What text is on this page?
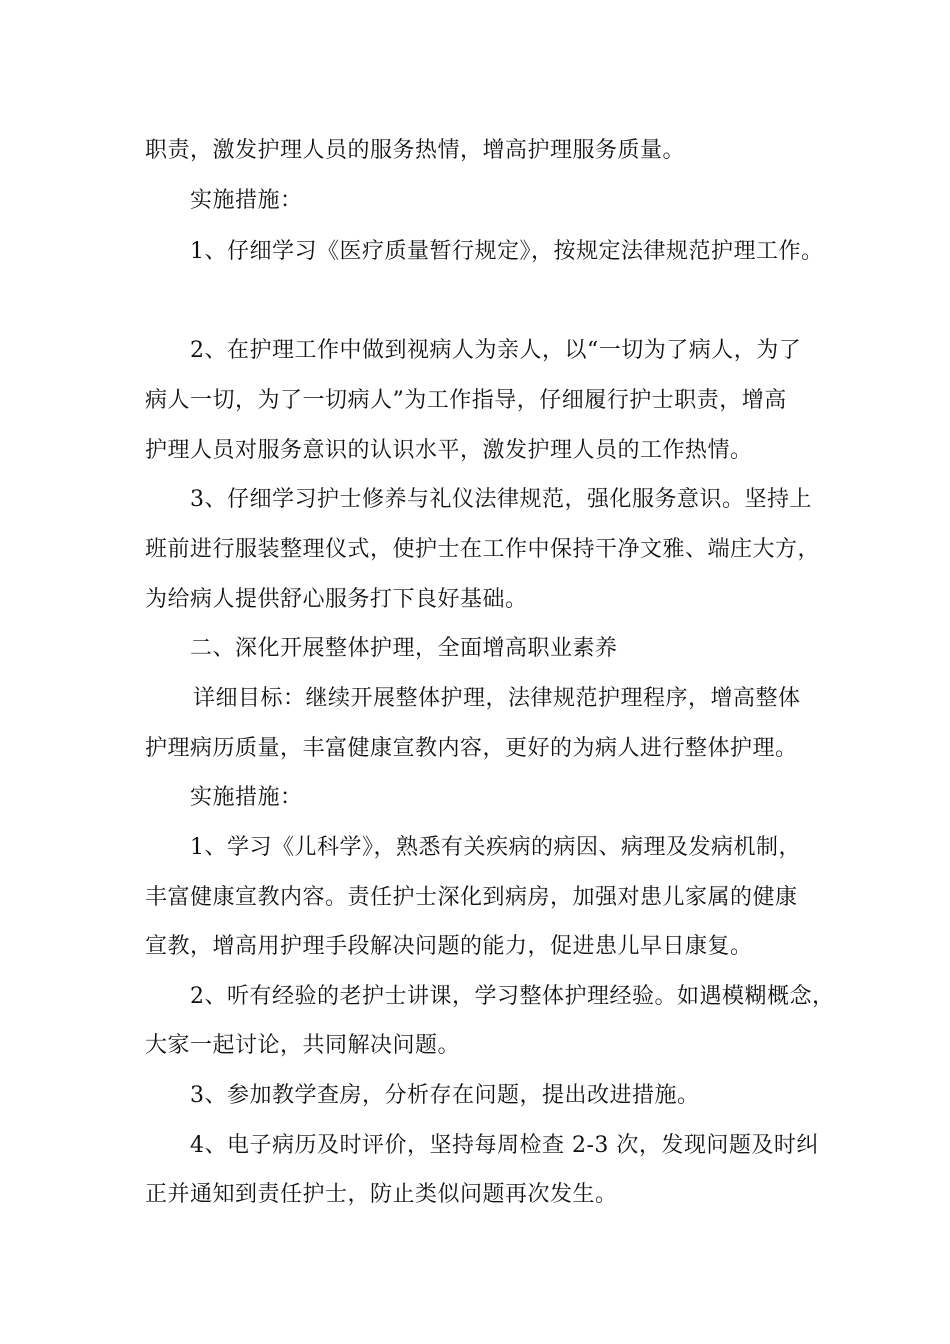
职责，激发护理人员的服务热情，增高护理服务质量。
实施措施：
1、仔细学习《医疗质量暂行规定》，按规定法律规范护理工作。
2、在护理工作中做到视病人为亲人，以“一切为了病人，为了
病人一切，为了一切病人”为工作指导，仔细履行护士职责，增高
护理人员对服务意识的认识水平，激发护理人员的工作热情。
3、仔细学习护士修养与礼仪法律规范，强化服务意识。坚持上
班前进行服装整理仪式，使护士在工作中保持干净文雅、端庄大方，
为给病人提供舒心服务打下良好基础。
二、深化开展整体护理，全面增高职业素养
详细目标：继续开展整体护理，法律规范护理程序，增高整体
护理病历质量，丰富健康宣教内容，更好的为病人进行整体护理。
实施措施：
1、学习《儿科学》，熟悉有关疾病的病因、病理及发病机制，
丰富健康宣教内容。责任护士深化到病房，加强对患儿家属的健康
宣教，增高用护理手段解决问题的能力，促进患儿早日康复。
2、听有经验的老护士讲课，学习整体护理经验。如遇模糊概念，
大家一起讨论，共同解决问题。
3、参加教学查房，分析存在问题，提出改进措施。
4、电子病历及时评价，坚持每周检查 2-3 次，发现问题及时纠
正并通知到责任护士，防止类似问题再次发生。
